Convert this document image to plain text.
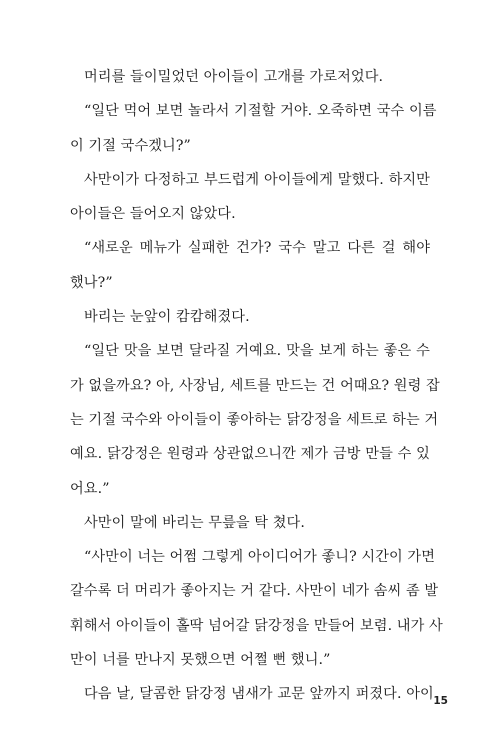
머리를 들이밀었던 아이들이 고개를 가로저었다.
“일단 먹어 보면 놀라서 기절할 거야. 오죽하면 국수 이름
이 기절 국수겠니?”
사만이가 다정하고 부드럽게 아이들에게 말했다. 하지만
아이들은 들어오지 않았다.
“새로운 메뉴가 실패한 건가? 국수 말고 다른 걸 해야
했나?”
바리는 눈앞이 캄캄해졌다.
“일단 맛을 보면 달라질 거예요. 맛을 보게 하는 좋은 수
가 없을까요? 아, 사장님, 세트를 만드는 건 어때요? 원령 잡
는 기절 국수와 아이들이 좋아하는 닭강정을 세트로 하는 거
예요. 닭강정은 원령과 상관없으니깐 제가 금방 만들 수 있
어요.”
사만이 말에 바리는 무릎을 탁 쳤다.
“사만이 너는 어쩜 그렇게 아이디어가 좋니? 시간이 가면
갈수록 더 머리가 좋아지는 거 같다. 사만이 네가 솜씨 좀 발
휘해서 아이들이 홀딱 넘어갈 닭강정을 만들어 보렴. 내가 사
만이 너를 만나지 못했으면 어쩔 뻔 했니.”
다음 날, 달콤한 닭강정 냄새가 교문 앞까지 퍼졌다. 아이 15
